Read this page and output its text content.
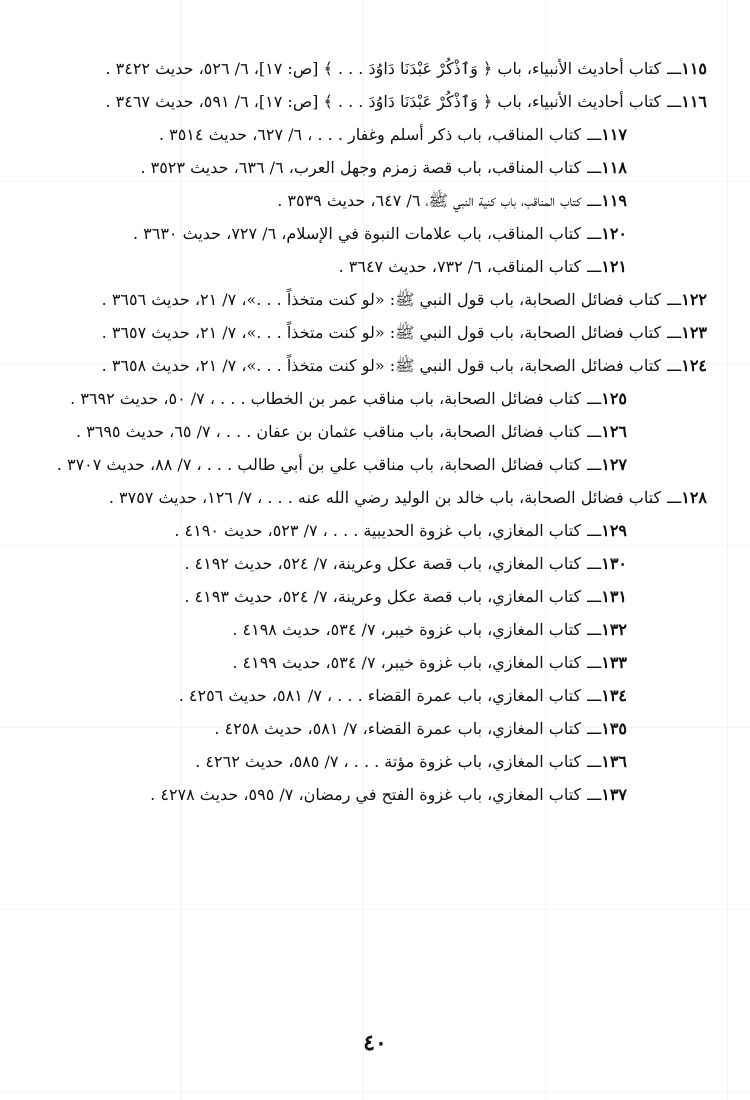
١١٥ـــ
كتاب أحاديث الأنبياء، باب ﴿ وَٱذْكُرْ عَبْدَنَا دَاوُدَ . . . ﴾ [ص: ١٧]، ٦/ ٥٢٦، حديث ٣٤٢٢ .
١١٦ـــ
كتاب أحاديث الأنبياء، باب ﴿ وَٱذْكُرْ عَبْدَنَا دَاوُدَ . . . ﴾ [ص: ١٧]، ٦/ ٥٩١، حديث ٣٤٦٧ .
١١٧ـــ
كتاب المناقب، باب ذكر أسلم وغفار . . . ، ٦/ ٦٢٧، حديث ٣٥١٤ .
١١٨ـــ
كتاب المناقب، باب قصة زمزم وجهل العرب، ٦/ ٦٣٦، حديث ٣٥٢٣ .
١١٩ـــ
كتاب المناقب، باب كنية النبي ﷺ، ٦/ ٦٤٧، حديث ٣٥٣٩ .
١٢٠ـــ
كتاب المناقب، باب علامات النبوة في الإسلام، ٦/ ٧٢٧، حديث ٣٦٣٠ .
١٢١ـــ
كتاب المناقب، ٦/ ٧٣٢، حديث ٣٦٤٧ .
١٢٢ـــ
كتاب فضائل الصحابة، باب قول النبي ﷺ: «لو كنت متخذاً . . .»، ٧/ ٢١، حديث ٣٦٥٦ .
١٢٣ـــ
كتاب فضائل الصحابة، باب قول النبي ﷺ: «لو كنت متخذاً . . .»، ٧/ ٢١، حديث ٣٦٥٧ .
١٢٤ـــ
كتاب فضائل الصحابة، باب قول النبي ﷺ: «لو كنت متخذاً . . .»، ٧/ ٢١، حديث ٣٦٥٨ .
١٢٥ـــ
كتاب فضائل الصحابة، باب مناقب عمر بن الخطاب . . . ، ٧/ ٥٠، حديث ٣٦٩٢ .
١٢٦ـــ
كتاب فضائل الصحابة، باب مناقب عثمان بن عفان . . . ، ٧/ ٦٥، حديث ٣٦٩٥ .
١٢٧ـــ
كتاب فضائل الصحابة، باب مناقب علي بن أبي طالب . . . ، ٧/ ٨٨، حديث ٣٧٠٧ .
١٢٨ـــ
كتاب فضائل الصحابة، باب خالد بن الوليد رضي الله عنه . . . ، ٧/ ١٢٦، حديث ٣٧٥٧ .
١٢٩ـــ
كتاب المغازي، باب غزوة الحديبية . . . ، ٧/ ٥٢٣، حديث ٤١٩٠ .
١٣٠ـــ
كتاب المغازي، باب قصة عكل وعرينة، ٧/ ٥٢٤، حديث ٤١٩٢ .
١٣١ـــ
كتاب المغازي، باب قصة عكل وعرينة، ٧/ ٥٢٤، حديث ٤١٩٣ .
١٣٢ـــ
كتاب المغازي، باب غزوة خيبر، ٧/ ٥٣٤، حديث ٤١٩٨ .
١٣٣ـــ
كتاب المغازي، باب غزوة خيبر، ٧/ ٥٣٤، حديث ٤١٩٩ .
١٣٤ـــ
كتاب المغازي، باب عمرة القضاء . . . ، ٧/ ٥٨١، حديث ٤٢٥٦ .
١٣٥ـــ
كتاب المغازي، باب عمرة القضاء، ٧/ ٥٨١، حديث ٤٢٥٨ .
١٣٦ـــ
كتاب المغازي، باب غزوة مؤتة . . . ، ٧/ ٥٨٥، حديث ٤٢٦٢ .
١٣٧ـــ
كتاب المغازي، باب غزوة الفتح في رمضان، ٧/ ٥٩٥، حديث ٤٢٧٨ .
٤٠
